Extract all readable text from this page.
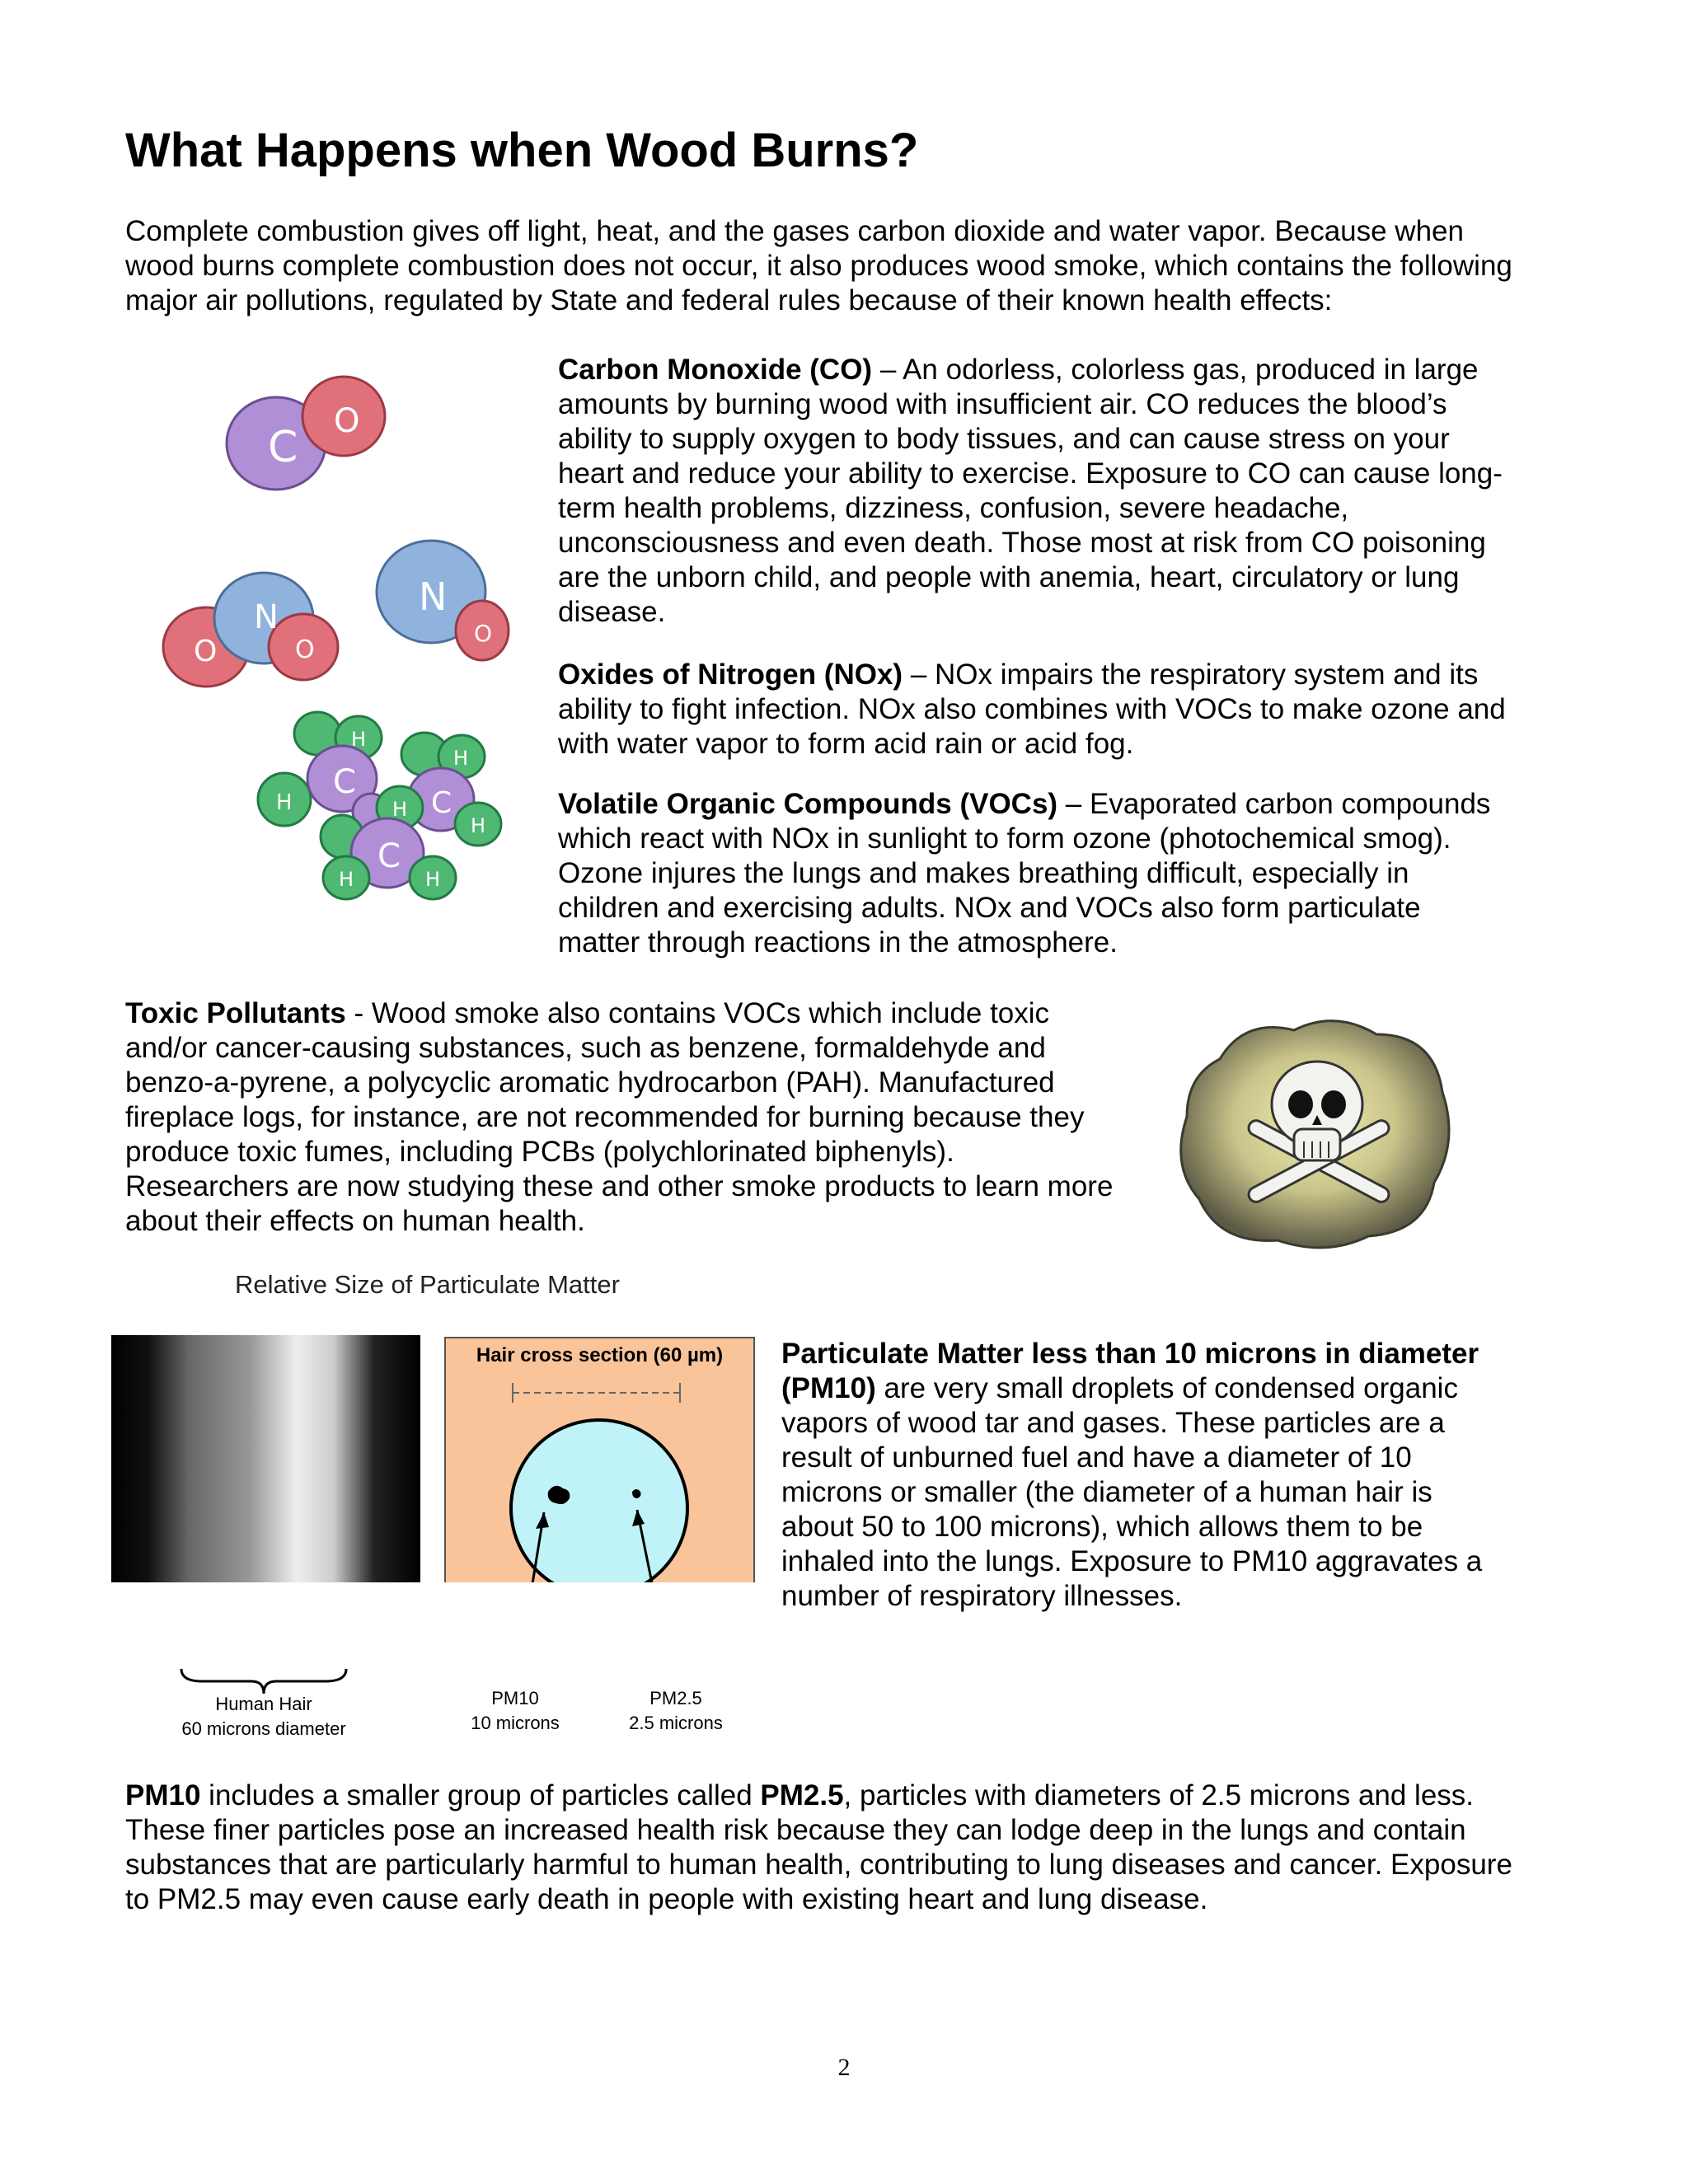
What Happens when Wood Burns?

Complete combustion gives off light, heat, and the gases carbon dioxide and water vapor. Because when wood burns complete combustion does not occur, it also produces wood smoke, which contains the following major air pollutions, regulated by State and federal rules because of their known health effects:

C
O
O
N
O
N
O
C
C
C
H
H
H
H
H	H
H

Carbon Monoxide (CO) – An odorless, colorless gas, produced in large amounts by burning wood with insufficient air. CO reduces the blood’s ability to supply oxygen to body tissues, and can cause stress on your heart and reduce your ability to exercise. Exposure to CO can cause long-term health problems, dizziness, confusion, severe headache, unconsciousness and even death. Those most at risk from CO poisoning are the unborn child, and people with anemia, heart, circulatory or lung disease.

Oxides of Nitrogen (NOx) – NOx impairs the respiratory system and its ability to fight infection. NOx also combines with VOCs to make ozone and with water vapor to form acid rain or acid fog.

Volatile Organic Compounds (VOCs) – Evaporated carbon compounds which react with NOx in sunlight to form ozone (photochemical smog). Ozone injures the lungs and makes breathing difficult, especially in children and exercising adults. NOx and VOCs also form particulate matter through reactions in the atmosphere.

Toxic Pollutants - Wood smoke also contains VOCs which include toxic and/or cancer-causing substances, such as benzene, formaldehyde and benzo-a-pyrene, a polycyclic aromatic hydrocarbon (PAH). Manufactured fireplace logs, for instance, are not recommended for burning because they produce toxic fumes, including PCBs (polychlorinated biphenyls). Researchers are now studying these and other smoke products to learn more about their effects on human health.

Relative Size of Particulate Matter
Hair cross section (60 µm)
Human Hair
60 microns diameter
PM10
10 microns
PM2.5
2.5 microns

Particulate Matter less than 10 microns in diameter (PM10) are very small droplets of condensed organic vapors of wood tar and gases. These particles are a result of unburned fuel and have a diameter of 10 microns or smaller (the diameter of a human hair is about 50 to 100 microns), which allows them to be inhaled into the lungs. Exposure to PM10 aggravates a number of respiratory illnesses.

PM10 includes a smaller group of particles called PM2.5, particles with diameters of 2.5 microns and less. These finer particles pose an increased health risk because they can lodge deep in the lungs and contain substances that are particularly harmful to human health, contributing to lung diseases and cancer. Exposure to PM2.5 may even cause early death in people with existing heart and lung disease.

2
